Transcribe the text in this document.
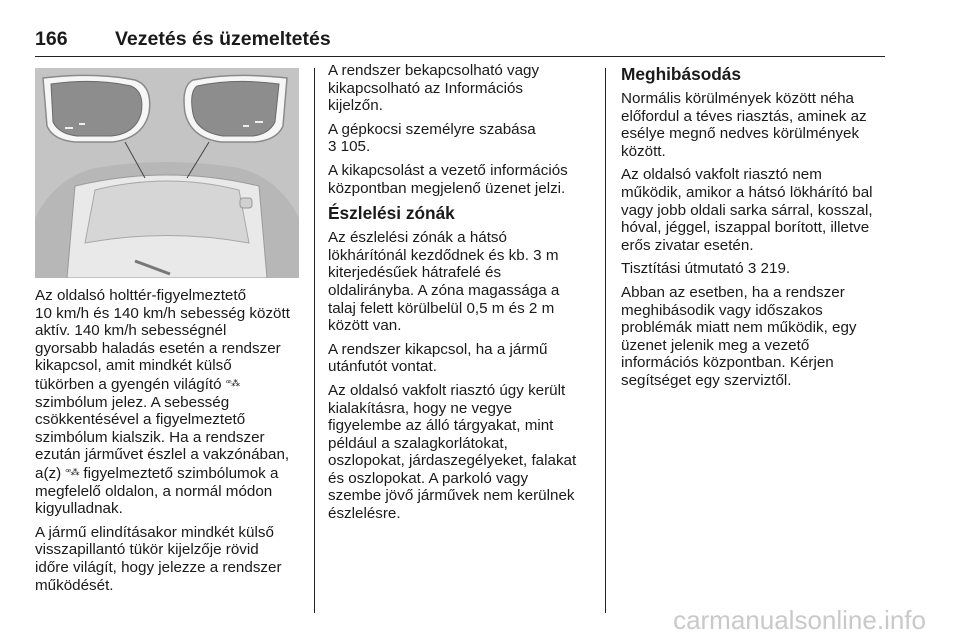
166 Vezetés és üzemeltetés

Az oldalsó holttér-figyelmeztető
10 km/h és 140 km/h sebesség között
aktív. 140 km/h sebességnél
gyorsabb haladás esetén a rendszer
kikapcsol, amit mindkét külső
tükörben a gyengén világító ꟹ⁂
szimbólum jelez. A sebesség
csökkentésével a figyelmeztető
szimbólum kialszik. Ha a rendszer
ezután járművet észlel a vakzónában,
a(z) ꟹ⁂ figyelmeztető szimbólumok a
megfelelő oldalon, a normál módon
kigyulladnak.

A jármű elindításakor mindkét külső
visszapillantó tükör kijelzője rövid
időre világít, hogy jelezze a rendszer
működését.

A rendszer bekapcsolható vagy
kikapcsolható az Információs
kijelzőn.

A gépkocsi személyre szabása
3 105.

A kikapcsolást a vezető információs
központban megjelenő üzenet jelzi.

Észlelési zónák

Az észlelési zónák a hátsó
lökhárítónál kezdődnek és kb. 3 m
kiterjedésűek hátrafelé és
oldalirányba. A zóna magassága a
talaj felett körülbelül 0,5 m és 2 m
között van.

A rendszer kikapcsol, ha a jármű
utánfutót vontat.

Az oldalsó vakfolt riasztó úgy került
kialakításra, hogy ne vegye
figyelembe az álló tárgyakat, mint
például a szalagkorlátokat,
oszlopokat, járdaszegélyeket, falakat
és oszlopokat. A parkoló vagy
szembe jövő járművek nem kerülnek
észlelésre.

Meghibásodás

Normális körülmények között néha
előfordul a téves riasztás, aminek az
esélye megnő nedves körülmények
között.

Az oldalsó vakfolt riasztó nem
működik, amikor a hátsó lökhárító bal
vagy jobb oldali sarka sárral, kosszal,
hóval, jéggel, iszappal borított, illetve
erős zivatar esetén.

Tisztítási útmutató 3 219.

Abban az esetben, ha a rendszer
meghibásodik vagy időszakos
problémák miatt nem működik, egy
üzenet jelenik meg a vezető
információs központban. Kérjen
segítséget egy szerviztől.

carmanualsonline.info
